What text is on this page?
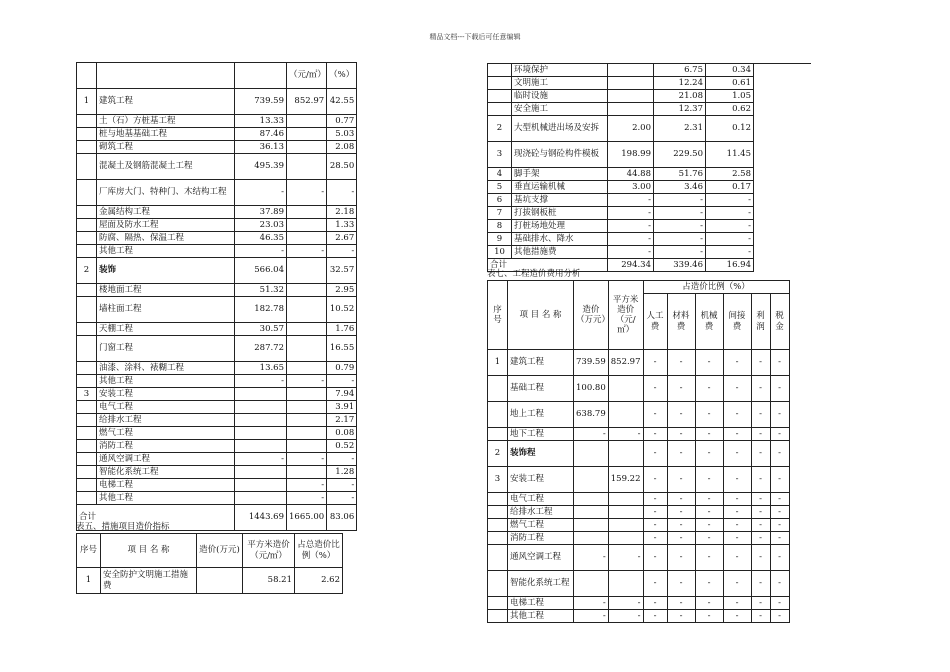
精品文档---下载后可任意编辑
			（元/㎡）	（%）
1	建筑工程	739.59	852.97	42.55
	土（石）方桩基工程	13.33		0.77
	桩与地基基础工程	87.46		5.03
	砌筑工程	36.13		2.08
	混凝土及钢筋混凝土工程	495.39		28.50
	厂库房大门、特种门、木结构工程	-	-	-
	金属结构工程	37.89		2.18
	屋面及防水工程	23.03		1.33
	防腐、隔热、保温工程	46.35		2.67
	其他工程	-	-	-
2	装饰	566.04		32.57
	楼地面工程	51.32		2.95
	墙柱面工程	182.78		10.52
	天棚工程	30.57		1.76
	门窗工程	287.72		16.55
	油漆、涂料、裱糊工程	13.65		0.79
	其他工程	-	-	-
3	安装工程			7.94
	电气工程			3.91
	给排水工程			2.17
	燃气工程			0.08
	消防工程			0.52
	通风空调工程	-	-	-
	智能化系统工程			1.28
	电梯工程		-	-
	其他工程		-	-
合计		1443.69	1665.00	83.06
表五、措施项目造价指标
序号	项 目 名 称	造价(万元)	平方米造价（元/㎡）	占总造价比例（%）
1	安全防护文明施工措施费		58.21	2.62
	环境保护		6.75	0.34
	文明施工		12.24	0.61
	临时设施		21.08	1.05
	安全施工		12.37	0.62
2	大型机械进出场及安拆	2.00	2.31	0.12
3	现浇砼与钢砼构件模板	198.99	229.50	11.45
4	脚手架	44.88	51.76	2.58
5	垂直运输机械	3.00	3.46	0.17
6	基坑支撑	-	-	-
7	打拔钢板桩	-	-	-
8	打桩场地处理	-	-	-
9	基础排水、降水	-	-	-
10	其他措施费	-	-	-
合计		294.34	339.46	16.94
表七、工程造价费用分析
序号	项 目 名 称	造价（万元）	平方米造价（元/㎡）	占造价比例（%）					
				人工费	材料费	机械费	间接费	利润	税金
1	建筑工程	739.59	852.97	-	-	-	-	-	-
	基础工程	100.80		-	-	-	-	-	-
	地上工程	638.79		-	-	-	-	-	-
	地下工程	-	-	-	-	-	-	-	-
2	装饰程			-	-	-	-	-	-
3	安装工程		159.22	-	-	-	-	-	-
	电气工程			-	-	-	-	-	-
	给排水工程			-	-	-	-	-	-
	燃气工程			-	-	-	-	-	-
	消防工程			-	-	-	-	-	-
	通风空调工程	-	-	-	-	-	-	-	-
	智能化系统工程			-	-	-	-	-	-
	电梯工程	-	-	-	-	-	-	-	-
	其他工程	-	-	-	-	-	-	-	-
